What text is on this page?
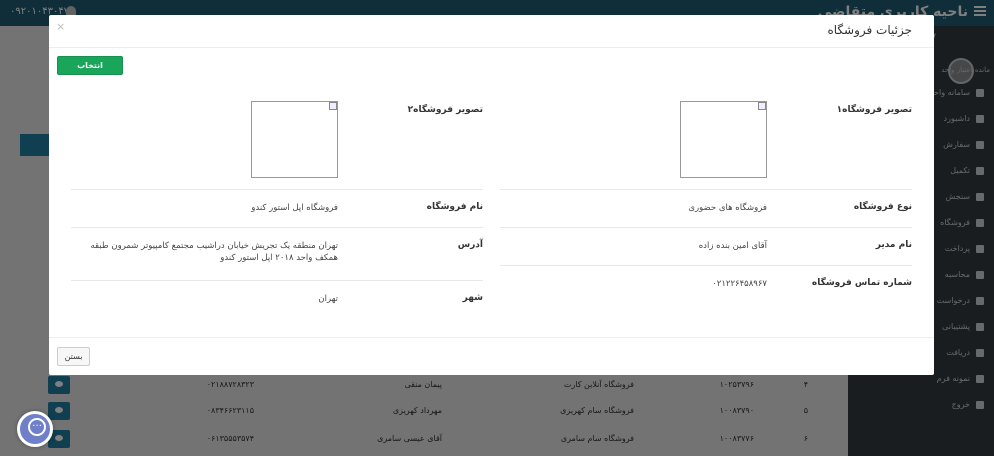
…
جزئیات فروشگاه
×
انتخاب فروشگاه
تصویر فروشگاه۱
نوع فروشگاه
فروشگاه های حضوری
نام مدیر
آقای امین بنده زاده
شماره تماس فروشگاه
۰۲۱۲۲۶۴۵۸۹۶۷
تصویر فروشگاه۲
نام فروشگاه
فروشگاه اپل استور کندو
آدرس
تهران منطقه یک تجریش خیابان دراشیب مجتمع کامپیوتر شمرون طبقه همکف واحد ۲۰۱۸ اپل استور کندو
شهر
تهران
بستن
